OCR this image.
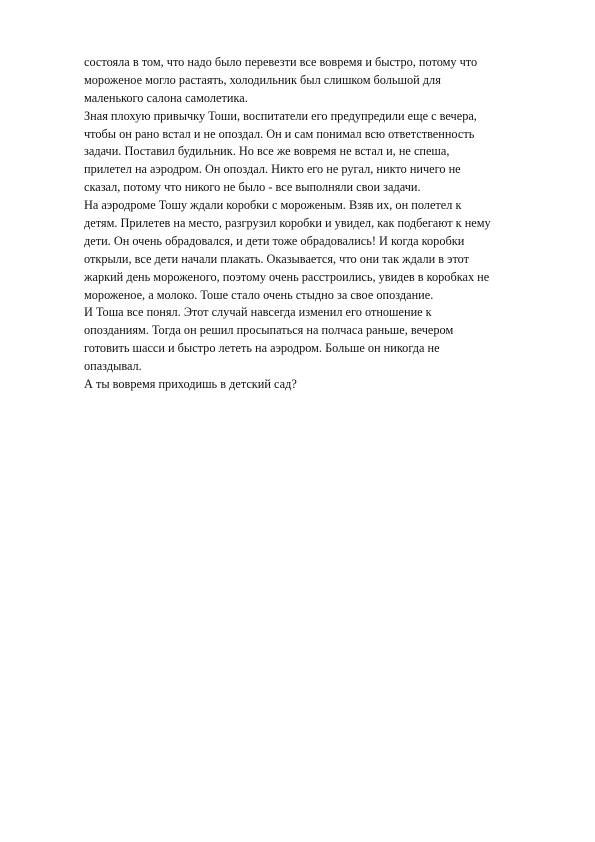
состояла в том, что надо было перевезти все вовремя и быстро, потому что
мороженое могло растаять, холодильник был слишком большой для
маленького салона самолетика.
Зная плохую привычку Тоши, воспитатели его предупредили еще с вечера,
чтобы он рано встал и не опоздал. Он и сам понимал всю ответственность
задачи. Поставил будильник. Но все же вовремя не встал и, не спеша,
прилетел на аэродром. Он опоздал. Никто его не ругал, никто ничего не
сказал, потому что никого не было - все выполняли свои задачи.
На аэродроме Тошу ждали коробки с мороженым. Взяв их, он полетел к
детям. Прилетев на место, разгрузил коробки и увидел, как подбегают к нему
дети. Он очень обрадовался, и дети тоже обрадовались! И когда коробки
открыли, все дети начали плакать. Оказывается, что они так ждали в этот
жаркий день мороженого, поэтому очень расстроились, увидев в коробках не
мороженое, а молоко. Тоше стало очень стыдно за свое опоздание.
И Тоша все понял. Этот случай навсегда изменил его отношение к
опозданиям. Тогда он решил просыпаться на полчаса раньше, вечером
готовить шасси и быстро лететь на аэродром. Больше он никогда не
опаздывал.
А ты вовремя приходишь в детский сад?
